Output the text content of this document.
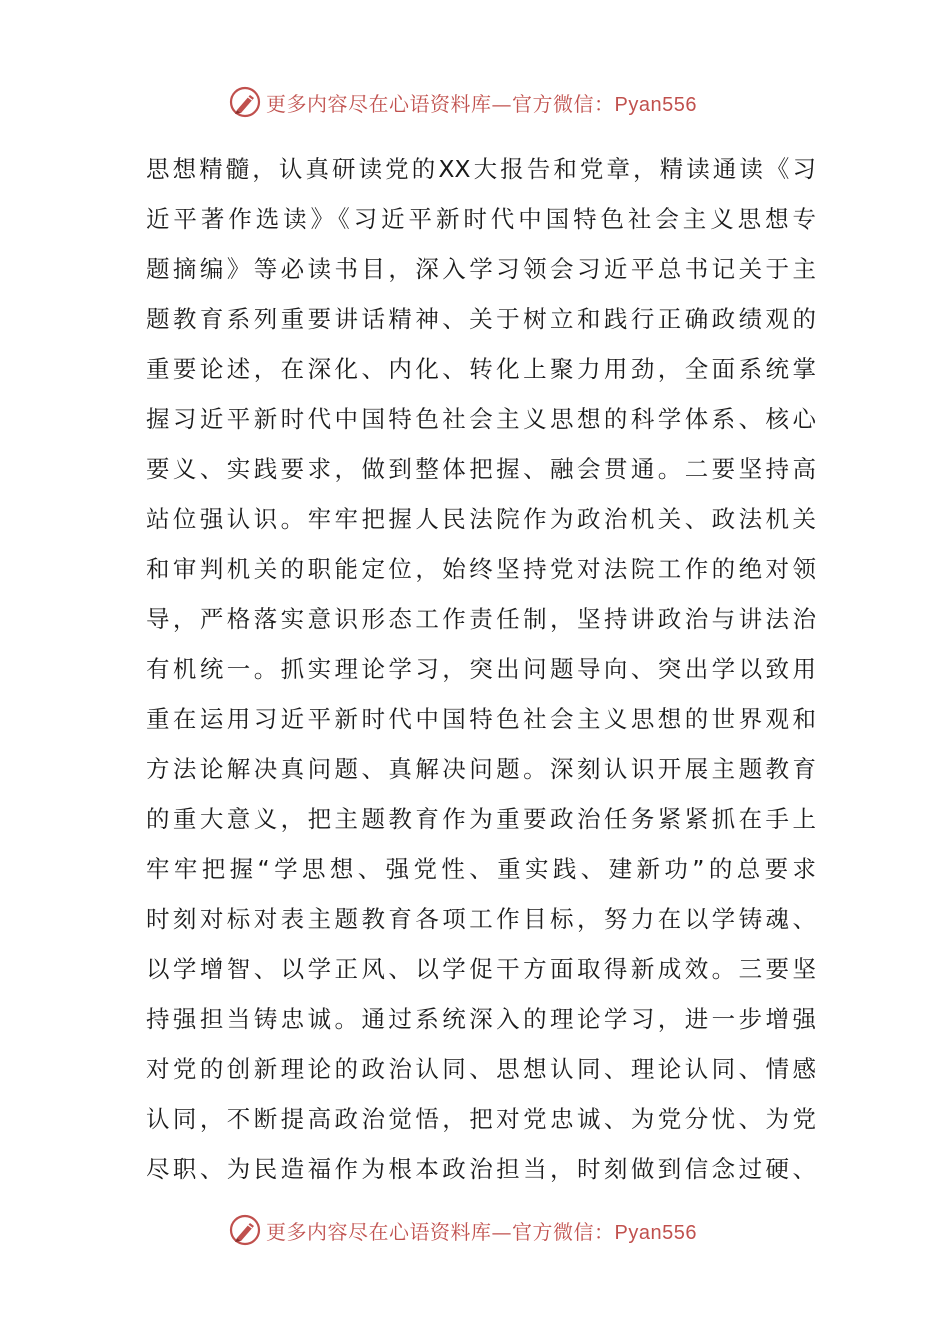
更多内容尽在心语资料库—官方微信：Pyan556
思想精髓，认真研读党的XX大报告和党章，精读通读《习
近平著作选读》《习近平新时代中国特色社会主义思想专
题摘编》等必读书目，深入学习领会习近平总书记关于主
题教育系列重要讲话精神、关于树立和践行正确政绩观的
重要论述，在深化、内化、转化上聚力用劲，全面系统掌
握习近平新时代中国特色社会主义思想的科学体系、核心
要义、实践要求，做到整体把握、融会贯通。二要坚持高
站位强认识。牢牢把握人民法院作为政治机关、政法机关
和审判机关的职能定位，始终坚持党对法院工作的绝对领
导，严格落实意识形态工作责任制，坚持讲政治与讲法治
有机统一。抓实理论学习，突出问题导向、突出学以致用
重在运用习近平新时代中国特色社会主义思想的世界观和
方法论解决真问题、真解决问题。深刻认识开展主题教育
的重大意义，把主题教育作为重要政治任务紧紧抓在手上
牢牢把握“学思想、强党性、重实践、建新功”的总要求
时刻对标对表主题教育各项工作目标，努力在以学铸魂、
以学增智、以学正风、以学促干方面取得新成效。三要坚
持强担当铸忠诚。通过系统深入的理论学习，进一步增强
对党的创新理论的政治认同、思想认同、理论认同、情感
认同，不断提高政治觉悟，把对党忠诚、为党分忧、为党
尽职、为民造福作为根本政治担当，时刻做到信念过硬、
更多内容尽在心语资料库—官方微信：Pyan556
